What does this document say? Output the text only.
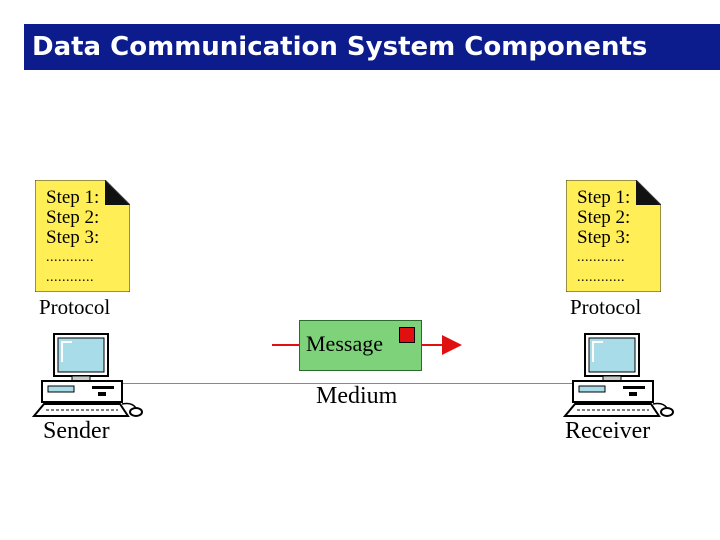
Data Communication System Components
Step 1:
Step 2:
Step 3:
............
............
Protocol
Step 1:
Step 2:
Step 3:
............
............
Protocol
Message
Medium
Sender	Receiver
